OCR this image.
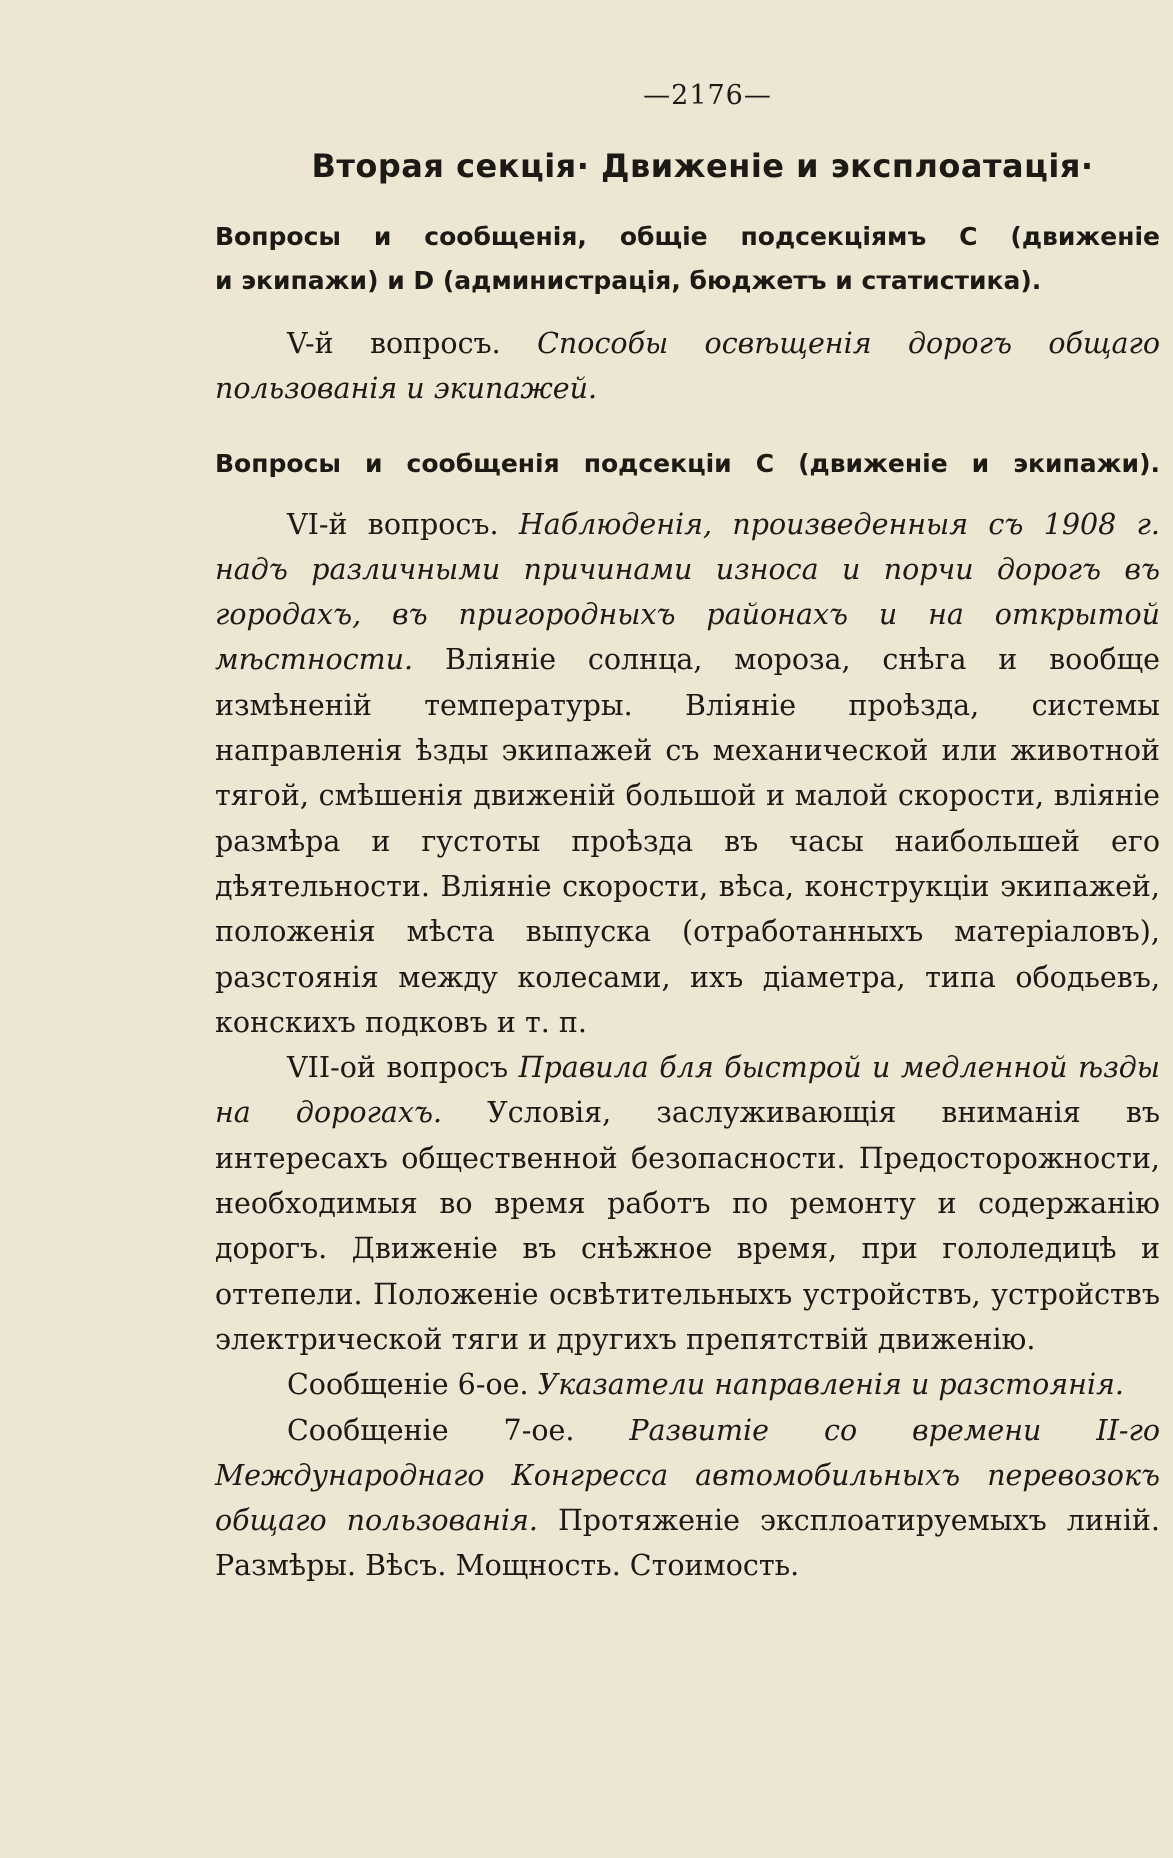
—2176—
Вторая секція· Движеніе и эксплоатація·

Вопросы и сообщенія, общіе подсекціямъ С (движеніе

и экипажи) и D (администрація, бюджетъ и статистика).

V-й вопросъ. Способы освѣщенія дорогъ общаго пользованія и экипажей.

Вопросы и сообщенія подсекціи С (движеніе и экипажи).

VI-й вопросъ. Наблюденія, произведенныя съ 1908 г. надъ различными причинами износа и порчи дорогъ въ городахъ, въ пригородныхъ районахъ и на открытой мѣстности. Вліяніе солнца, мороза, снѣга и вообще измѣненій температуры. Вліяніе проѣзда, системы направленія ѣзды экипажей съ механической или животной тягой, смѣшенія движеній большой и малой скорости, вліяніе размѣра и густоты проѣзда въ часы наибольшей его дѣятельности. Вліяніе скорости, вѣса, конструкціи экипажей, положенія мѣста выпуска (отработанныхъ матеріаловъ), разстоянія между колесами, ихъ діаметра, типа ободьевъ, конскихъ подковъ и т. п.

VII-ой вопросъ Правила бля быстрой и медленной ѣзды на дорогахъ. Условія, заслуживающія вниманія въ интересахъ общественной безопасности. Предосторожности, необходимыя во время работъ по ремонту и содержанію дорогъ. Движеніе въ снѣжное время, при гололедицѣ и оттепели. Положеніе освѣтительныхъ устройствъ, устройствъ электрической тяги и другихъ препятствій движенію.

Сообщеніе 6-ое. Указатели направленія и разстоянія.

Сообщеніе 7-ое. Развитіе со времени II-го Международнаго Конгресса автомобильныхъ перевозокъ общаго пользованія. Протяженіе эксплоатируемыхъ линій. Размѣры. Вѣсъ. Мощность. Стоимость.
